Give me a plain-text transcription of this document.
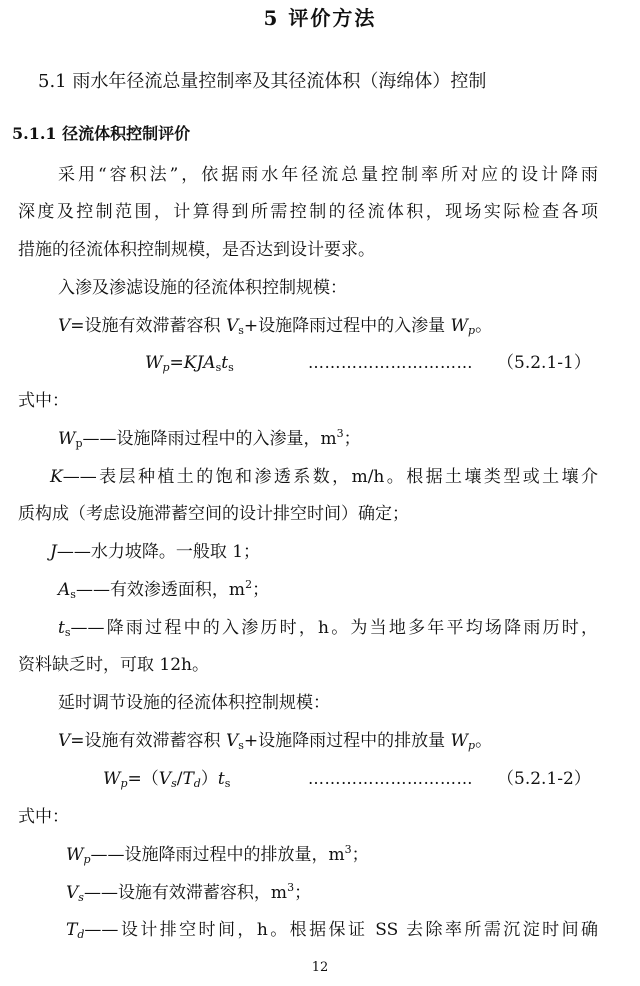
5 评价方法
5.1 雨水年径流总量控制率及其径流体积（海绵体）控制
5.1.1 径流体积控制评价
采用“容积法”，依据雨水年径流总量控制率所对应的设计降雨
深度及控制范围，计算得到所需控制的径流体积，现场实际检查各项
措施的径流体积控制规模，是否达到设计要求。
入渗及渗滤设施的径流体积控制规模：
V=设施有效滞蓄容积 $V_s+$设施降雨过程中的入渗量 $W_p$。
$W_p=KJA_st_s$	………………………… （5.2.1-1）
式中：
$W_p——$设施降雨过程中的入渗量，$m^3$；
K——表层种植土的饱和渗透系数，m/h。根据土壤类型或土壤介
质构成（考虑设施滞蓄空间的设计排空时间）确定；
J——水力坡降。一般取 1；
$A_s——$有效渗透面积，$m^2$；
$t_s——$降雨过程中的入渗历时，h。为当地多年平均场降雨历时，
资料缺乏时，可取 12h。
延时调节设施的径流体积控制规模：
V=设施有效滞蓄容积 $V_s+$设施降雨过程中的排放量 $W_p$。
$W_p=(V_s/T_d)t_s$	………………………… （5.2.1-2）
式中：
$W_p——$设施降雨过程中的排放量，$m^3$；
$V_s——$设施有效滞蓄容积，$m^3$；
$T_d——$设计排空时间，h。根据保证 SS 去除率所需沉淀时间确
12
